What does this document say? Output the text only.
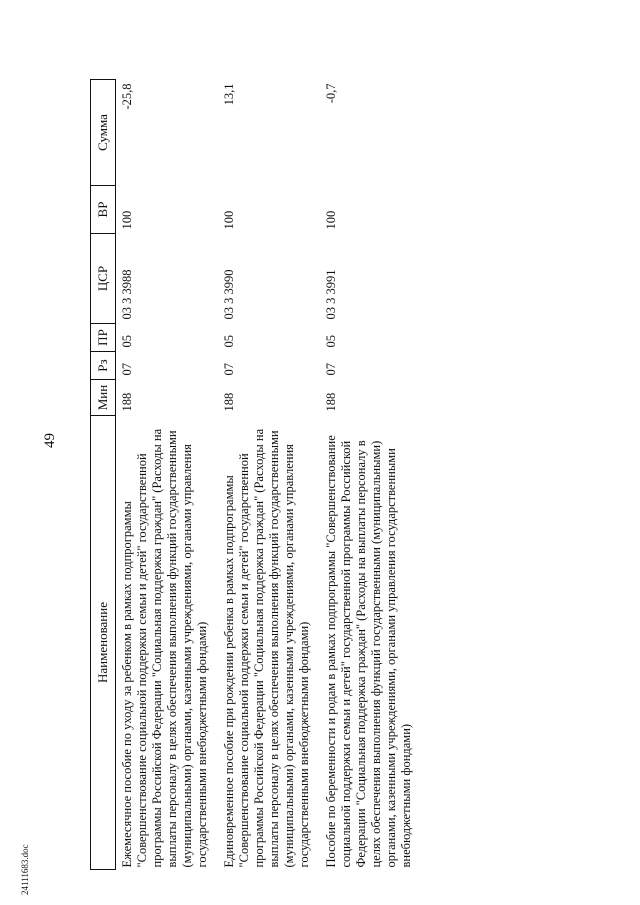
49
Наименование	Мин	Рз	ПР	ЦСР	ВР	Сумма
Ежемесячное пособие по уходу за ребенком в рамках подпрограммы "Совершенствование социальной поддержки семьи и детей" государственной программы Российской Федерации "Социальная поддержка граждан" (Расходы на выплаты персоналу в целях обеспечения выполнения функций государственными (муниципальными) органами, казенными учреждениями, органами управления государственными внебюджетными фондами)	188	07	05	03 3 3988	100	-25,8
Единовременное пособие при рождении ребенка в рамках подпрограммы "Совершенствование социальной поддержки семьи и детей" государственной программы Российской Федерации "Социальная поддержка граждан" (Расходы на выплаты персоналу в целях обеспечения выполнения функций государственными (муниципальными) органами, казенными учреждениями, органами управления государственными внебюджетными фондами)	188	07	05	03 3 3990	100	13,1
Пособие по беременности и родам в рамках подпрограммы "Совершенствование социальной поддержки семьи и детей" государственной программы Российской Федерации "Социальная поддержка граждан" (Расходы на выплаты персоналу в целях обеспечения выполнения функций государственными (муниципальными) органами, казенными учреждениями, органами управления государственными внебюджетными фондами)	188	07	05	03 3 3991	100	-0,7
24111683.doc
